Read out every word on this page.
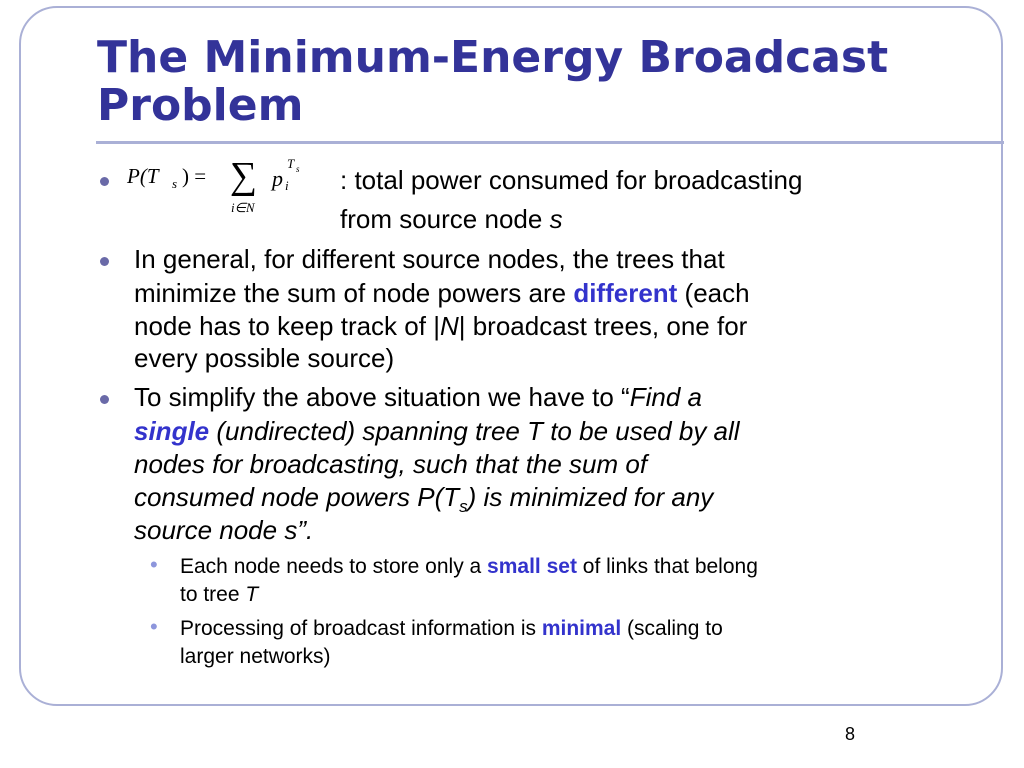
The Minimum-Energy Broadcast
Problem
P(T s ) = ∑
i∈N
p i
T s : total power consumed for broadcasting
from source node s
In general, for different source nodes, the trees that
minimize the sum of node powers are different (each
node has to keep track of |N| broadcast trees, one for
every possible source)
To simplify the above situation we have to “Find a
single (undirected) spanning tree T to be used by all
nodes for broadcasting, such that the sum of
consumed node powers $P(T_s)$ is minimized for any
source node s”.
• Each node needs to store only a small set of links that belong
to tree T
• Processing of broadcast information is minimal (scaling to
larger networks)
8
